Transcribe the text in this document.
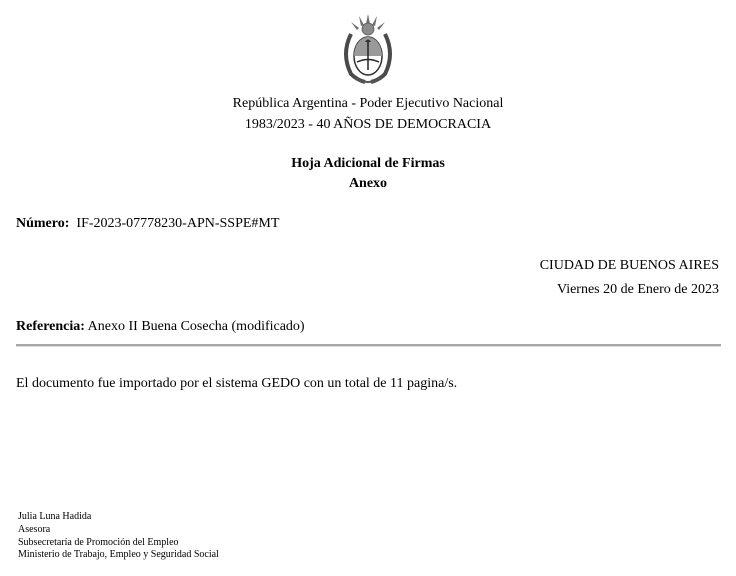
República Argentina - Poder Ejecutivo Nacional
1983/2023 - 40 AÑOS DE DEMOCRACIA
Hoja Adicional de Firmas
Anexo
Número: IF-2023-07778230-APN-SSPE#MT
CIUDAD DE BUENOS AIRES
Viernes 20 de Enero de 2023
Referencia: Anexo II Buena Cosecha (modificado)
El documento fue importado por el sistema GEDO con un total de 11 pagina/s.
Julia Luna Hadida
Asesora
Subsecretaría de Promoción del Empleo
Ministerio de Trabajo, Empleo y Seguridad Social
